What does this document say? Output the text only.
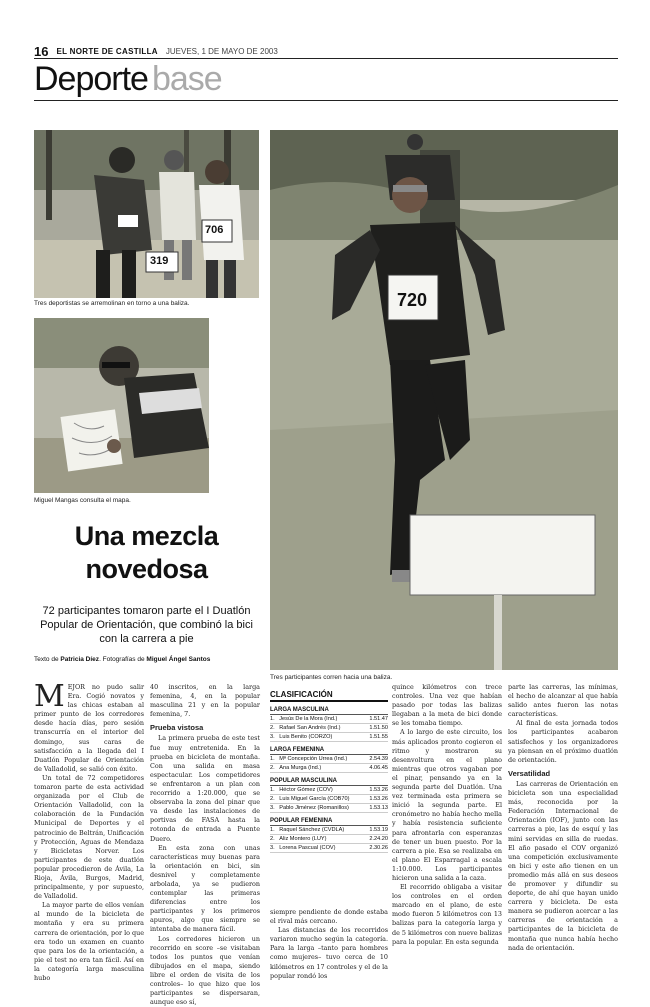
16 EL NORTE DE CASTILLA JUEVES, 1 DE MAYO DE 2003
Deporte base
319
706
Tres deportistas se arremolinan en torno a una baliza.
Miguel Mangas consulta el mapa.
720
Tres participantes corren hacia una baliza.
Una mezcla
novedosa
72 participantes tomaron parte el I Duatlón Popular de Orientación, que combinó la bici con la carrera a pie
Texto de Patricia Díez. Fotografías de Miguel Ángel Santos

MEJOR no pudo salir Era. Cogió novatos y las chicas estaban al primer punto de los corredores desde hacía días, pero sesión transcurría en el interior del domingo, sus caras de satisfacción a la llegada del I Duatlón Popular de Orientación de Valladolid, se salió con éxito.

Un total de 72 competidores tomaron parte de esta actividad organizada por el Club de Orientación Valladolid, con la colaboración de la Fundación Municipal de Deportes y el patrocinio de Beltrán, Unificación y Protección, Aguas de Mendaza y Bicicletas Norver. Los participantes de este duatlón popular procedieron de Ávila, La Rioja, Ávila, Burgos, Madrid, principalmente, y por supuesto, de Valladolid.

La mayor parte de ellos venían al mundo de la bicicleta de montaña y era su primera carrera de orientación, por lo que era todo un examen en cuanto que para los de la orientación, a pie el test no era tan fácil. Así en la categoría larga masculina hubo

40 inscritos, en la larga femenina, 4, en la popular masculina 21 y en la popular femenina, 7.

Prueba vistosa

La primera prueba de este test fue muy entretenida. En la prueba en bicicleta de montaña. Con una salida en masa espectacular. Los competidores se enfrentaron a un plan con recorrido a 1:20.000, que se observaba la zona del pinar que va desde las instalaciones de portivas de FASA hasta la rotonda de entrada a Puente Duero.

En esta zona con unas características muy buenas para la orientación en bici, sin desnivel y completamente arbolada, ya se pudieron contemplar las primeras diferencias entre los participantes y los primeros apuros, algo que siempre se intentaba de manera fácil.

Los corredores hicieron un recorrido en score –se visitaban todos los puntos que venían dibujados en el mapa, siendo libre el orden de visita de los controles– lo que hizo que los participantes se dispersaran, aunque eso sí,

CLASIFICACIÓN
LARGA MASCULINA
1. Jesús De la Mora (Ind.)	1.51.47
2. Rafael San Andrés (Ind.)	1.51.50
3. Luis Benito (CORZO)	1.51.55
LARGA FEMENINA
1. Mª Concepción Urrea (Ind.)	2.54.39
2. Ana Murga (Ind.)	4.06.45
POPULAR MASCULINA
1. Héctor Gómez (COV)	1.53.26
2. Luis Miguel García (COB70)	1.53.26
3. Pablo Jiménez (Romanillos)	1.53.13
POPULAR FEMENINA
1. Raquel Sánchez (CVDLA)	1.53.19
2. Aliz Montero (LUY)	2.24.20
3. Lorena Pascual (COV)	2.30.26

siempre pendiente de donde estaba el rival más cercano.

Las distancias de los recorridos variaron mucho según la categoría. Para la larga –tanto para hombres como mujeres– tuvo cerca de 10 kilómetros en 17 controles y el de la popular rondó los

quince kilómetros con trece controles. Una vez que habían pasado por todas las balizas llegaban a la meta de bici donde se les tomaba tiempo.

A lo largo de este circuito, los más aplicados pronto cogieron el ritmo y mostraron su desenvoltura en el plano mientras que otros vagaban por el pinar, pensando ya en la segunda parte del Duatlón. Una vez terminada esta primera se inició la segunda parte. El cronómetro no había hecho mella y había resistencia suficiente para afrontarla con esperanzas de tener un buen puesto. Por la carrera a pie. Esa se realizaba en el plano El Esparragal a escala 1:10.000. Los participantes hicieron una salida a la caza.

El recorrido obligaba a visitar los controles en el orden marcado en el plano, de este modo fueron 5 kilómetros con 13 balizas para la categoría larga y de 5 kilómetros con nueve balizas para la popular. En esta segunda

parte las carreras, las mínimas, el hecho de alcanzar al que había salido antes fueron las notas características.

Al final de esta jornada todos los participantes acabaron satisfechos y los organizadores ya piensan en el próximo duatlón de orientación.

Versatilidad

Las carreras de Orientación en bicicleta son una especialidad más, reconocida por la Federación Internacional de Orientación (IOF), junto con las carreras a pie, las de esquí y las mini servidas en silla de ruedas. El año pasado el COV organizó una competición exclusivamente en bici y este año tienen en un promedio más allá en sus deseos de promover y difundir su deporte, de ahí que hayan unido carrera y bicicleta. De esta manera se pudieron acercar a las carreras de orientación a participantes de la bicicleta de montaña que nunca había hecho nada de orientación.
